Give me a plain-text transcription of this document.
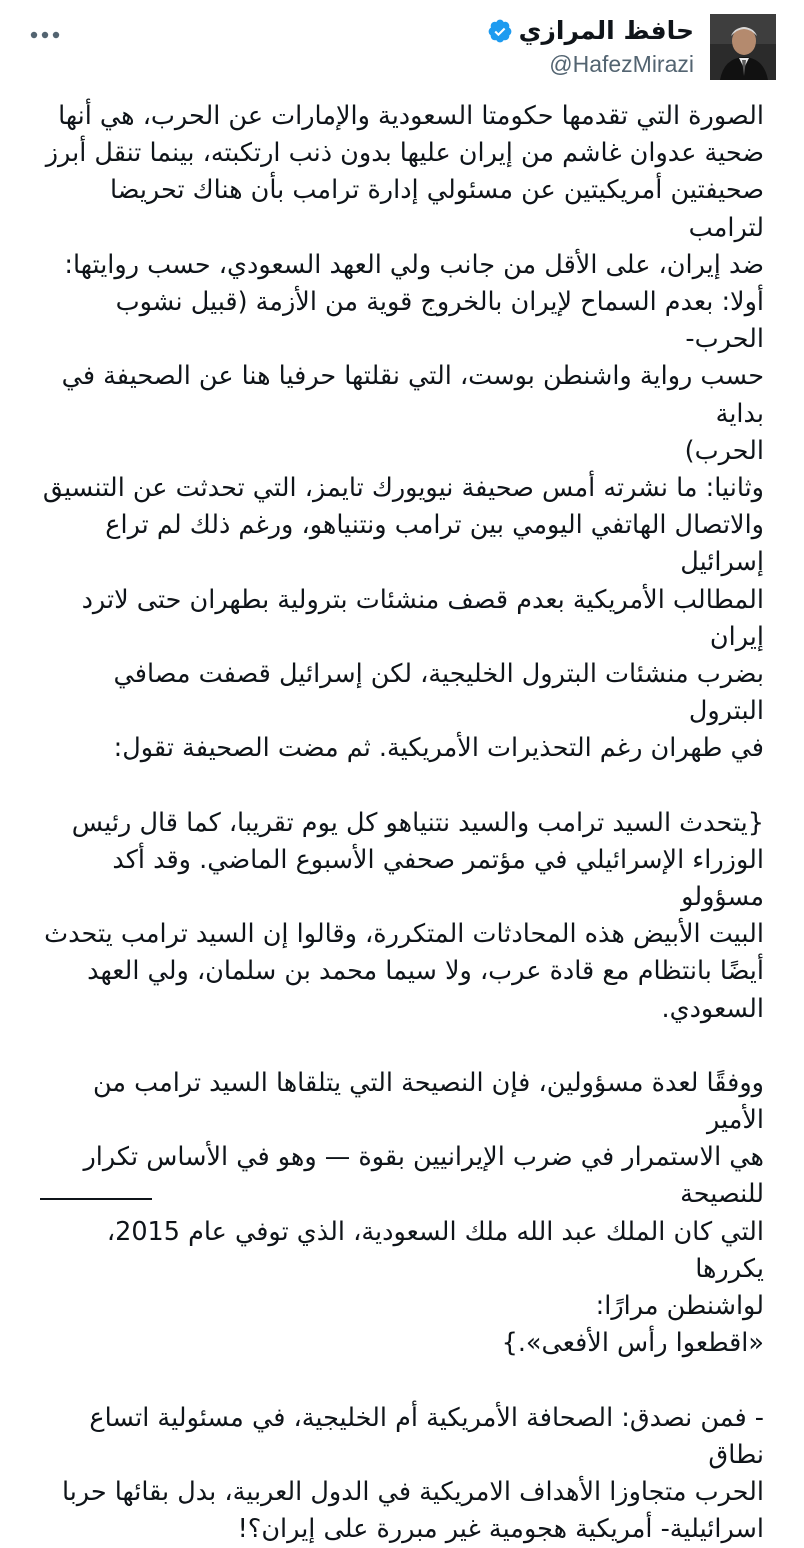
حافظ المرازي
@HafezMirazi

الصورة التي تقدمها حكومتا السعودية والإمارات عن الحرب، هي أنها

ضحية عدوان غاشم من إيران عليها بدون ذنب ارتكبته، بينما تنقل أبرز

صحيفتين أمريكيتين عن مسئولي إدارة ترامب بأن هناك تحريضا لترامب

ضد إيران، على الأقل من جانب ولي العهد السعودي، حسب روايتها:

أولا: بعدم السماح لإيران بالخروج قوية من الأزمة (قبيل نشوب الحرب-

حسب رواية واشنطن بوست، التي نقلتها حرفيا هنا عن الصحيفة في بداية

الحرب)

وثانيا: ما نشرته أمس صحيفة نيويورك تايمز، التي تحدثت عن التنسيق

والاتصال الهاتفي اليومي بين ترامب ونتنياهو، ورغم ذلك لم تراع إسرائيل

المطالب الأمريكية بعدم قصف منشئات بترولية بطهران حتى لاترد إيران

بضرب منشئات البترول الخليجية، لكن إسرائيل قصفت مصافي البترول

في طهران رغم التحذيرات الأمريكية. ثم مضت الصحيفة تقول:

{يتحدث السيد ترامب والسيد نتنياهو كل يوم تقريبا، كما قال رئيس

الوزراء الإسرائيلي في مؤتمر صحفي الأسبوع الماضي. وقد أكد مسؤولو

البيت الأبيض هذه المحادثات المتكررة، وقالوا إن السيد ترامب يتحدث

أيضًا بانتظام مع قادة عرب، ولا سيما محمد بن سلمان، ولي العهد

السعودي.

ووفقًا لعدة مسؤولين، فإن النصيحة التي يتلقاها السيد ترامب من الأمير

هي الاستمرار في ضرب الإيرانيين بقوة — وهو في الأساس تكرار للنصيحة

التي كان الملك عبد الله ملك السعودية، الذي توفي عام 2015، يكررها

لواشنطن مرارًا:

«اقطعوا رأس الأفعى».}

- فمن نصدق: الصحافة الأمريكية أم الخليجية، في مسئولية اتساع نطاق

الحرب متجاوزا الأهداف الامريكية في الدول العربية، بدل بقائها حربا

اسرائيلية- أمريكية هجومية غير مبررة على إيران؟!
